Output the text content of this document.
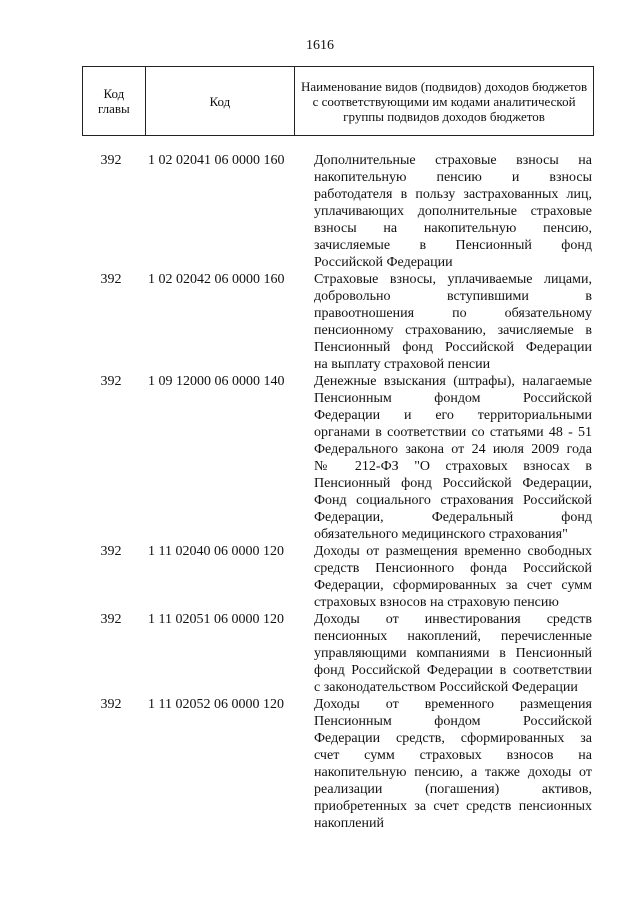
1616
Код главы	Код	Наименование видов (подвидов) доходов бюджетов с соответствующими им кодами аналитической группы подвидов доходов бюджетов
392	1 02 02041 06 0000 160	Дополнительные страховые взносы на
накопительную пенсию и взносы
работодателя в пользу застрахованных лиц,
уплачивающих дополнительные страховые
взносы на накопительную пенсию,
зачисляемые в Пенсионный фонд
Российской Федерации
392	1 02 02042 06 0000 160	Страховые взносы, уплачиваемые лицами,
добровольно вступившими в
правоотношения по обязательному
пенсионному страхованию, зачисляемые в
Пенсионный фонд Российской Федерации
на выплату страховой пенсии
392	1 09 12000 06 0000 140	Денежные взыскания (штрафы), налагаемые
Пенсионным фондом Российской
Федерации и его территориальными
органами в соответствии со статьями 48 - 51
Федерального закона от 24 июля 2009 года
№ 212-ФЗ "О страховых взносах в
Пенсионный фонд Российской Федерации,
Фонд социального страхования Российской
Федерации, Федеральный фонд
обязательного медицинского страхования"
392	1 11 02040 06 0000 120	Доходы от размещения временно свободных
средств Пенсионного фонда Российской
Федерации, сформированных за счет сумм
страховых взносов на страховую пенсию
392	1 11 02051 06 0000 120	Доходы от инвестирования средств
пенсионных накоплений, перечисленные
управляющими компаниями в Пенсионный
фонд Российской Федерации в соответствии
с законодательством Российской Федерации
392	1 11 02052 06 0000 120	Доходы от временного размещения
Пенсионным фондом Российской
Федерации средств, сформированных за
счет сумм страховых взносов на
накопительную пенсию, а также доходы от
реализации (погашения) активов,
приобретенных за счет средств пенсионных
накоплений
